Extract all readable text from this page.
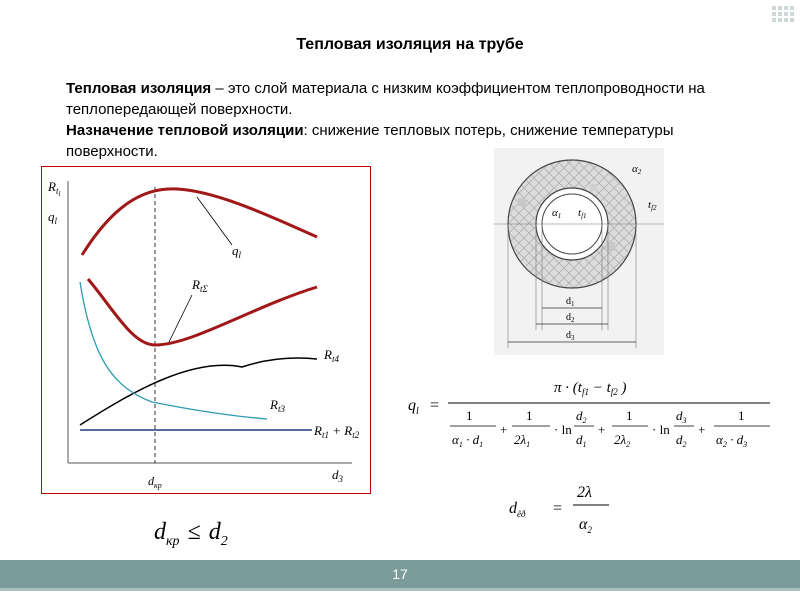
Тепловая изоляция на трубе

Тепловая изоляция – это слой материала с низким коэффициентом теплопроводности на теплопередающей поверхности.

Назначение тепловой изоляции: снижение тепловых потерь, снижение температуры поверхности.

$R_tl$
$q_l$
$d_3$
$d_{кр}$
$q_l$
$R_{t\Sigma}$
$R_{t4}$
$R_{t3}$
$R_{t1} + R_{t2}$
$d_1$
$d_2$
$d_3$
α2
tf2
α1 tf1
$q_l$ =
$\pi \cdot (t_{f1} - t_{f2}$ )
1
$\alpha_1 \cdot d_1$
+
1
$2\lambda_1$
· ln
$d_2$
$d_1$
+
1
$2\lambda_2$
· ln
$d_3$
$d_2$
+
1
$\alpha_2 \cdot d_3$
$d_{êð}$ =
2λ
$\alpha_2$
$d_{кр} \le d_2$
17
